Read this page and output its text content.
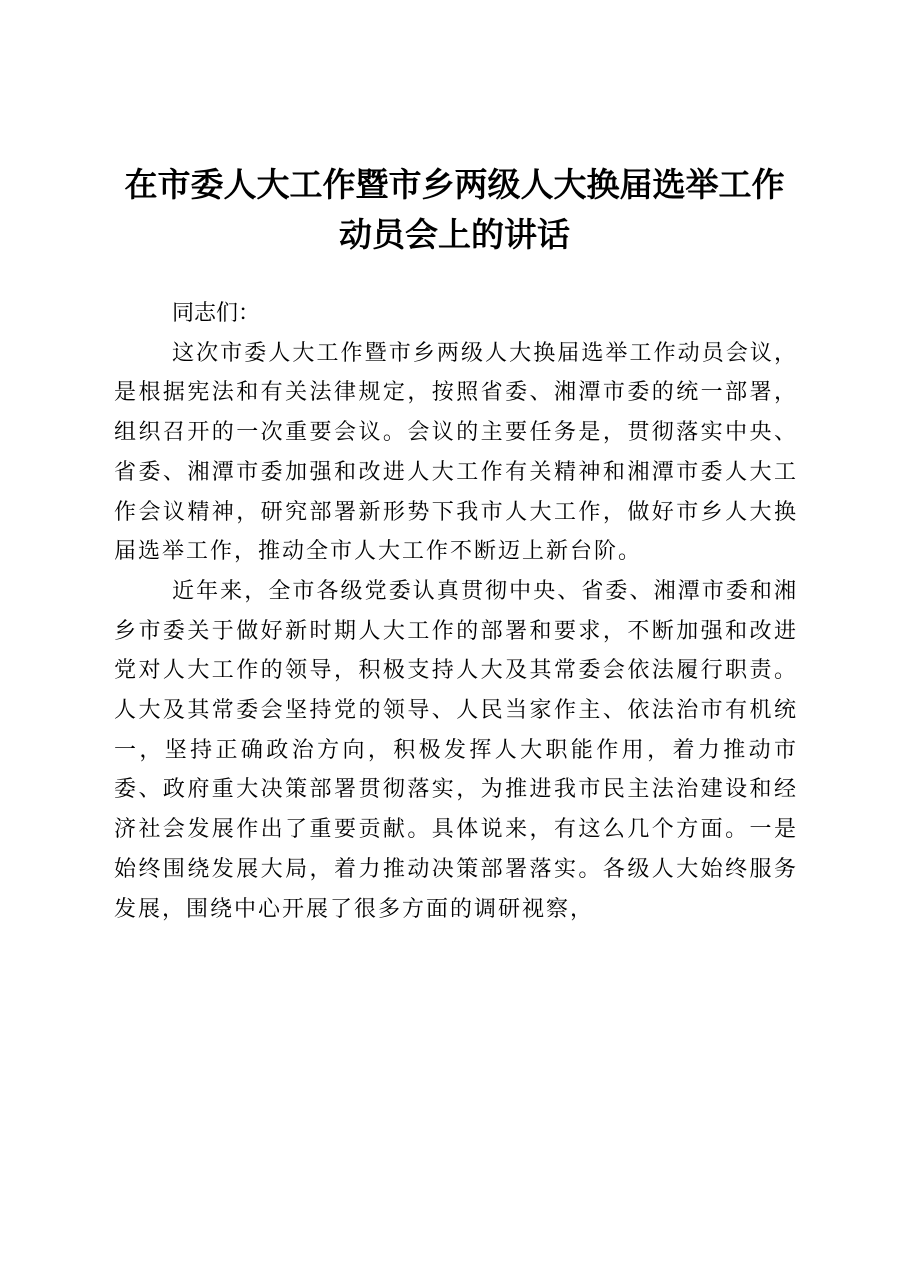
在市委人大工作暨市乡两级人大换届选举工作
动员会上的讲话

同志们：

这次市委人大工作暨市乡两级人大换届选举工作动员会议，是根据宪法和有关法律规定，按照省委、湘潭市委的统一部署，组织召开的一次重要会议。会议的主要任务是，贯彻落实中央、省委、湘潭市委加强和改进人大工作有关精神和湘潭市委人大工作会议精神，研究部署新形势下我市人大工作，做好市乡人大换届选举工作，推动全市人大工作不断迈上新台阶。

近年来，全市各级党委认真贯彻中央、省委、湘潭市委和湘乡市委关于做好新时期人大工作的部署和要求，不断加强和改进党对人大工作的领导，积极支持人大及其常委会依法履行职责。人大及其常委会坚持党的领导、人民当家作主、依法治市有机统一，坚持正确政治方向，积极发挥人大职能作用，着力推动市委、政府重大决策部署贯彻落实，为推进我市民主法治建设和经济社会发展作出了重要贡献。具体说来，有这么几个方面。一是始终围绕发展大局，着力推动决策部署落实。各级人大始终服务发展，围绕中心开展了很多方面的调研视察，
